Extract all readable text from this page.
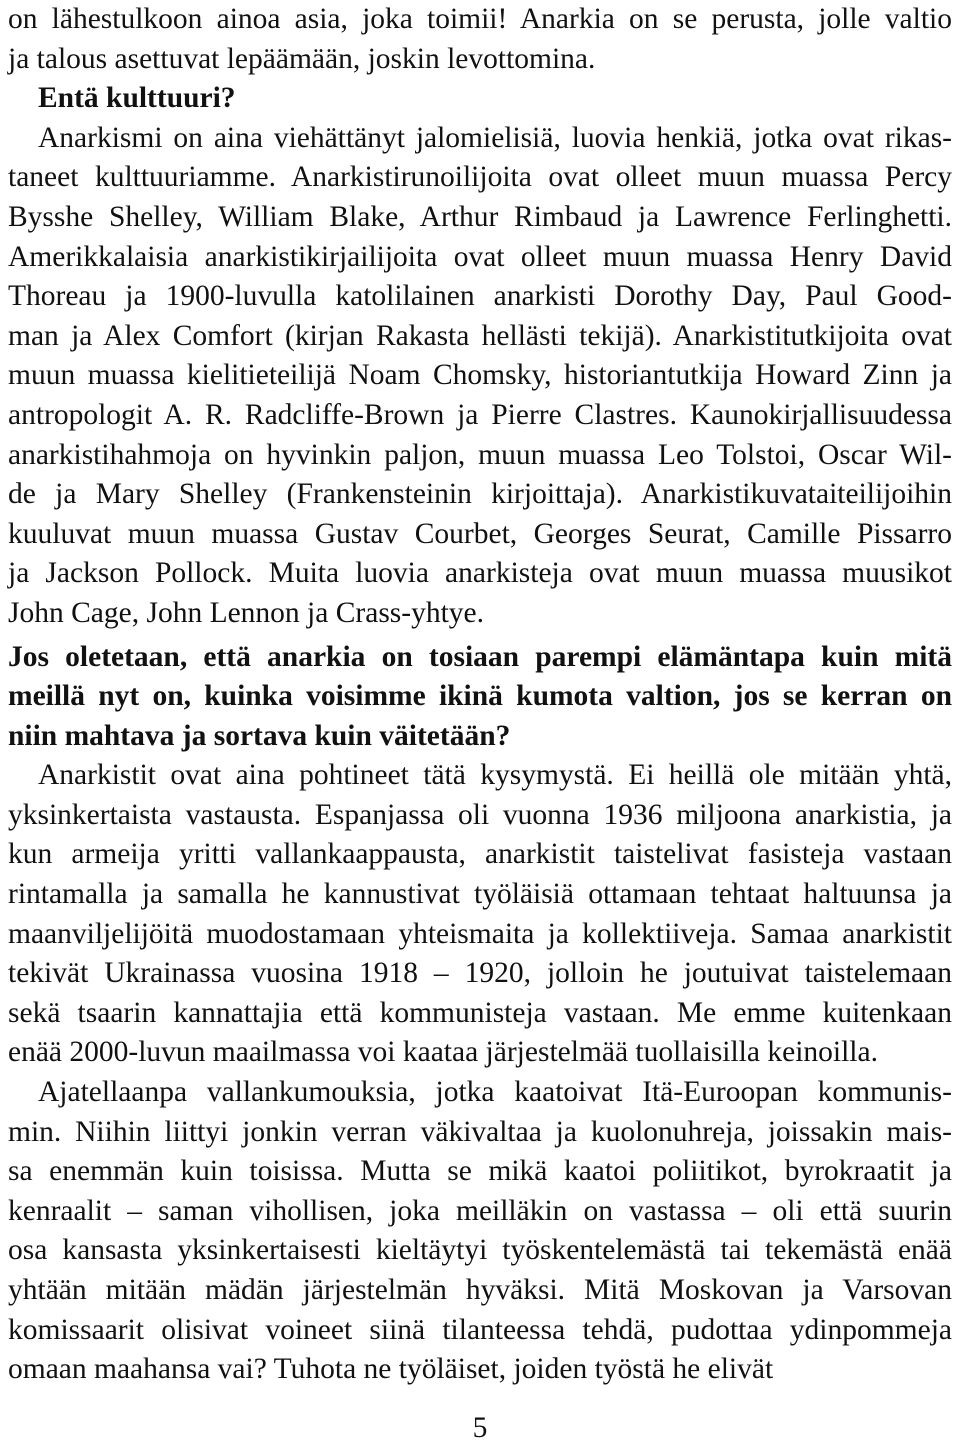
on lähestulkoon ainoa asia, joka toimii! Anarkia on se perusta, jolle valtio
ja talous asettuvat lepäämään, joskin levottomina.
Entä kulttuuri?
Anarkismi on aina viehättänyt jalomielisiä, luovia henkiä, jotka ovat rikas-
taneet kulttuuriamme. Anarkistirunoilijoita ovat olleet muun muassa Percy
Bysshe Shelley, William Blake, Arthur Rimbaud ja Lawrence Ferlinghetti.
Amerikkalaisia anarkistikirjailijoita ovat olleet muun muassa Henry David
Thoreau ja 1900-luvulla katolilainen anarkisti Dorothy Day, Paul Good-
man ja Alex Comfort (kirjan Rakasta hellästi tekijä). Anarkistitutkijoita ovat
muun muassa kielitieteilijä Noam Chomsky, historiantutkija Howard Zinn ja
antropologit A. R. Radcliffe-Brown ja Pierre Clastres. Kaunokirjallisuudessa
anarkistihahmoja on hyvinkin paljon, muun muassa Leo Tolstoi, Oscar Wil-
de ja Mary Shelley (Frankensteinin kirjoittaja). Anarkistikuvataiteilijoihin
kuuluvat muun muassa Gustav Courbet, Georges Seurat, Camille Pissarro
ja Jackson Pollock. Muita luovia anarkisteja ovat muun muassa muusikot
John Cage, John Lennon ja Crass-yhtye.
Jos oletetaan, että anarkia on tosiaan parempi elämäntapa kuin mitä
meillä nyt on, kuinka voisimme ikinä kumota valtion, jos se kerran on
niin mahtava ja sortava kuin väitetään?
Anarkistit ovat aina pohtineet tätä kysymystä. Ei heillä ole mitään yhtä,
yksinkertaista vastausta. Espanjassa oli vuonna 1936 miljoona anarkistia, ja
kun armeija yritti vallankaappausta, anarkistit taistelivat fasisteja vastaan
rintamalla ja samalla he kannustivat työläisiä ottamaan tehtaat haltuunsa ja
maanviljelijöitä muodostamaan yhteismaita ja kollektiiveja. Samaa anarkistit
tekivät Ukrainassa vuosina 1918 – 1920, jolloin he joutuivat taistelemaan
sekä tsaarin kannattajia että kommunisteja vastaan. Me emme kuitenkaan
enää 2000-luvun maailmassa voi kaataa järjestelmää tuollaisilla keinoilla.
Ajatellaanpa vallankumouksia, jotka kaatoivat Itä-Euroopan kommunis-
min. Niihin liittyi jonkin verran väkivaltaa ja kuolonuhreja, joissakin mais-
sa enemmän kuin toisissa. Mutta se mikä kaatoi poliitikot, byrokraatit ja
kenraalit – saman vihollisen, joka meilläkin on vastassa – oli että suurin
osa kansasta yksinkertaisesti kieltäytyi työskentelemästä tai tekemästä enää
yhtään mitään mädän järjestelmän hyväksi. Mitä Moskovan ja Varsovan
komissaarit olisivat voineet siinä tilanteessa tehdä, pudottaa ydinpommeja
omaan maahansa vai? Tuhota ne työläiset, joiden työstä he elivät
5
